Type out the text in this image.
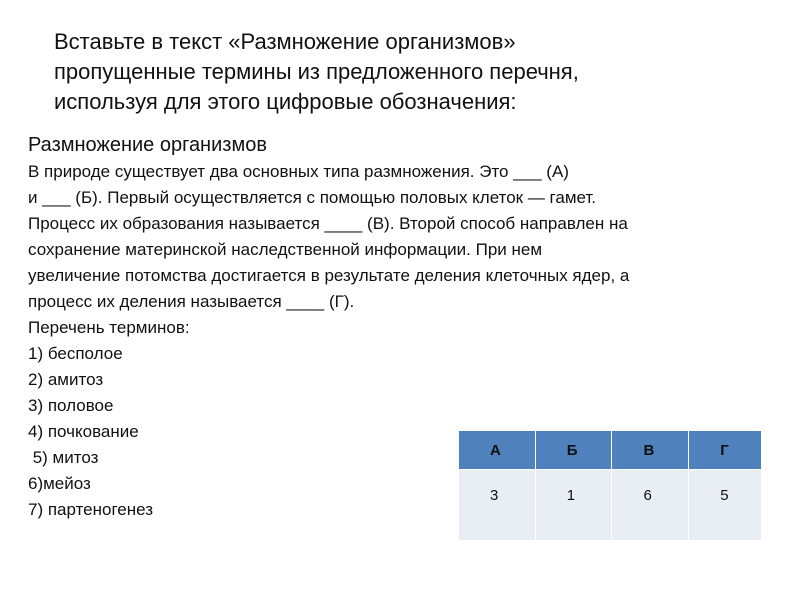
Вставьте в текст «Размножение организмов»
пропущенные термины из предложенного перечня,
используя для этого цифровые обозначения:
Размножение организмов

В природе существует два основных типа размножения. Это ___ (А)

и ___ (Б). Первый осуществляется с помощью половых клеток — гамет.

Процесс их образования называется ____ (В). Второй способ направлен на

сохранение материнской наследственной информации. При нем

увеличение потомства достигается в результате деления клеточных ядер, а

процесс их деления называется ____ (Г).

Перечень терминов:

1) бесполое
2) амитоз
3) половое
4) почкование
5) митоз
6)мейоз
7) партеногенез
А	Б	В	Г
3	1	6	5
